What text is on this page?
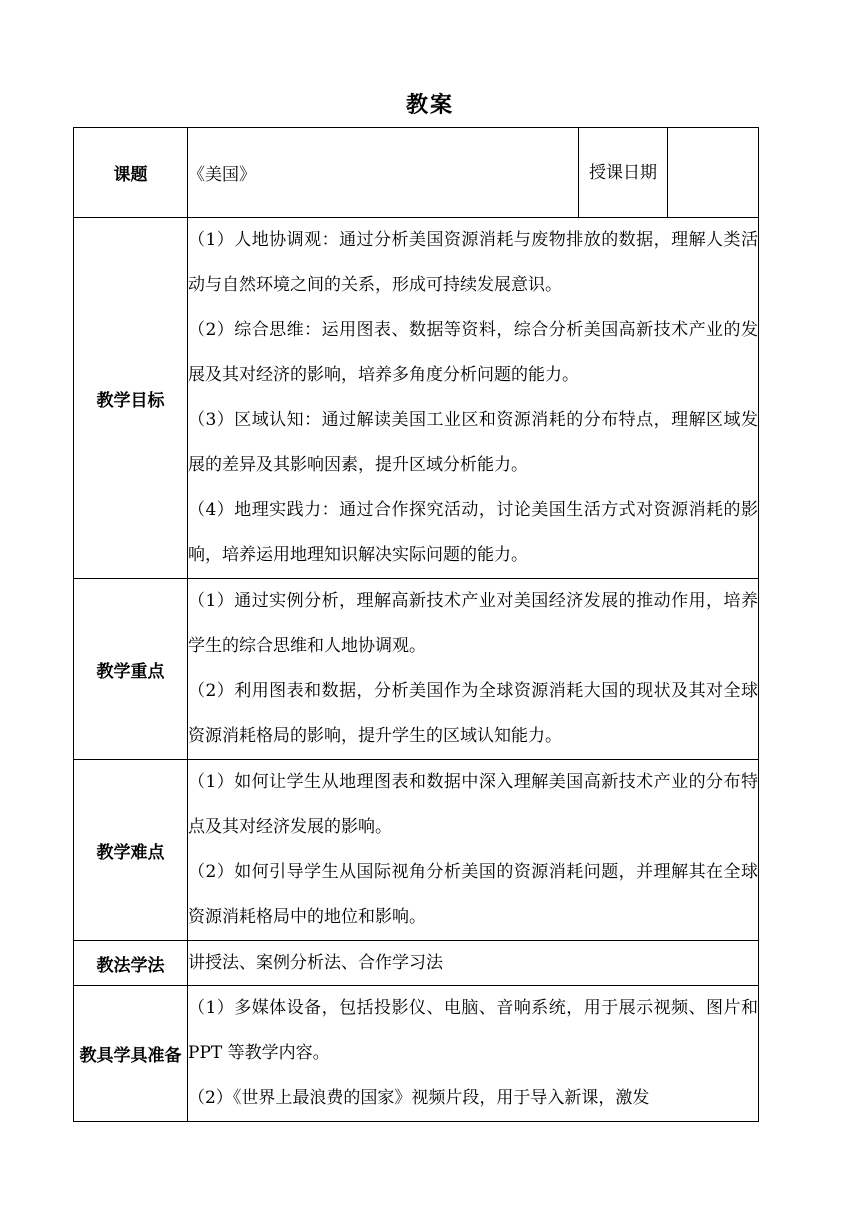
教案
课题	《美国》	授课日期	
教学目标	（1）人地协调观：通过分析美国资源消耗与废物排放的数据，理解人类活动与自然环境之间的关系，形成可持续发展意识。

（2）综合思维：运用图表、数据等资料，综合分析美国高新技术产业的发展及其对经济的影响，培养多角度分析问题的能力。

（3）区域认知：通过解读美国工业区和资源消耗的分布特点，理解区域发展的差异及其影响因素，提升区域分析能力。

（4）地理实践力：通过合作探究活动，讨论美国生活方式对资源消耗的影响，培养运用地理知识解决实际问题的能力。		

教学重点	（1）通过实例分析，理解高新技术产业对美国经济发展的推动作用，培养学生的综合思维和人地协调观。

（2）利用图表和数据，分析美国作为全球资源消耗大国的现状及其对全球资源消耗格局的影响，提升学生的区域认知能力。		

教学难点	（1）如何让学生从地理图表和数据中深入理解美国高新技术产业的分布特点及其对经济发展的影响。

（2）如何引导学生从国际视角分析美国的资源消耗问题，并理解其在全球资源消耗格局中的地位和影响。		

教法学法	讲授法、案例分析法、合作学习法		
教具学具准备	（1）多媒体设备，包括投影仪、电脑、音响系统，用于展示视频、图片和 PPT 等教学内容。

（2）《世界上最浪费的国家》视频片段，用于导入新课，激发		
